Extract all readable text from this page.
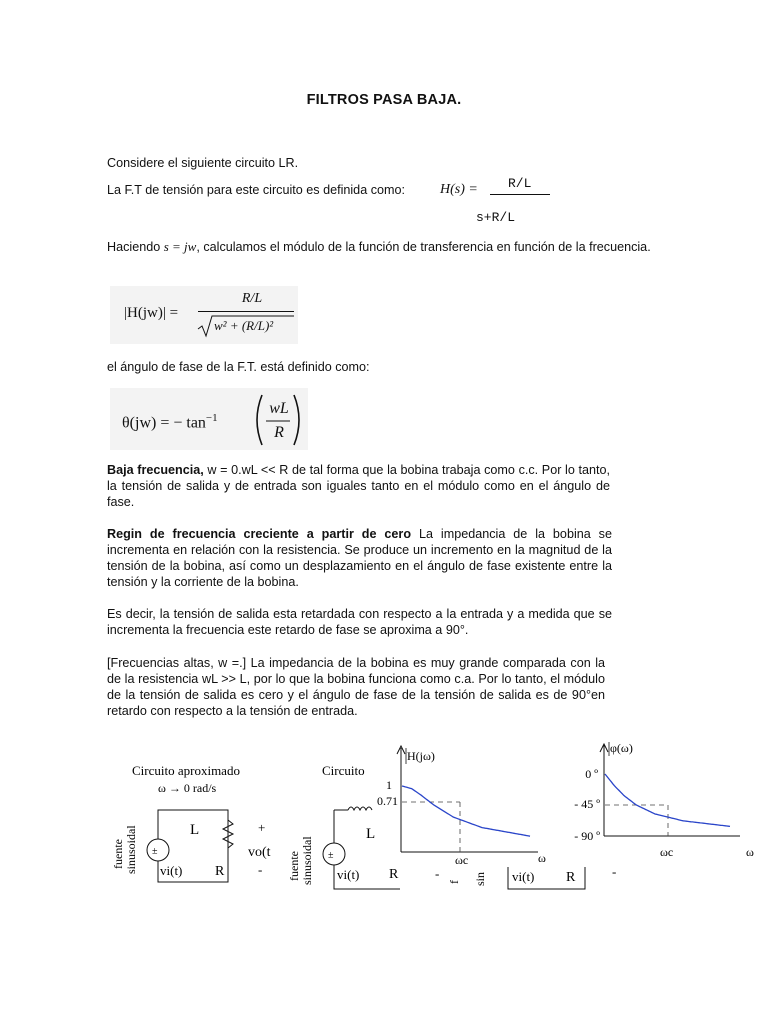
FILTROS PASA BAJA.
Considere el siguiente circuito LR.
La F.T de tensión para este circuito es definida como:	H(s) = R/L
s+R/L
Haciendo s = jw, calculamos el módulo de la función de transferencia en función de la frecuencia.
|H(jw)| =
R/L
w² + (R/L)²
el ángulo de fase de la F.T. está definido como:
θ(jw) = − $\tan^{-1}$
wL
R
Baja frecuencia, w = 0.wL << R de tal forma que la bobina trabaja como c.c. Por lo tanto, la tensión de salida y de entrada son iguales tanto en el módulo como en el ángulo de fase.
Regin de frecuencia creciente a partir de cero La impedancia de la bobina se incrementa en relación con la resistencia. Se produce un incremento en la magnitud de la tensión de la bobina, así como un desplazamiento en el ángulo de fase existente entre la tensión y la corriente de la bobina.
Es decir, la tensión de salida esta retardada con respecto a la entrada y a medida que se incrementa la frecuencia este retardo de fase se aproxima a 90°.
[Frecuencias altas, w =.] La impedancia de la bobina es muy grande comparada con la de la resistencia wL >> L, por lo que la bobina funciona como c.a. Por lo tanto, el módulo de la tensión de salida es cero y el ángulo de fase de la tensión de salida es de 90°en retardo con respecto a la tensión de entrada.
Circuito aproximado
ω → 0 rad/s
fuente sinusoidal ±
L
R
vi(t)
+
vo(t
-
Circuito
fuente sinusoidal ±
L
vi(t) R	-
f sin
H(jω)
1
0.71
ωc	ω
φ(ω)
0 º
- 45 º
- 90 º
ωc	ω
vi(t) R	-
